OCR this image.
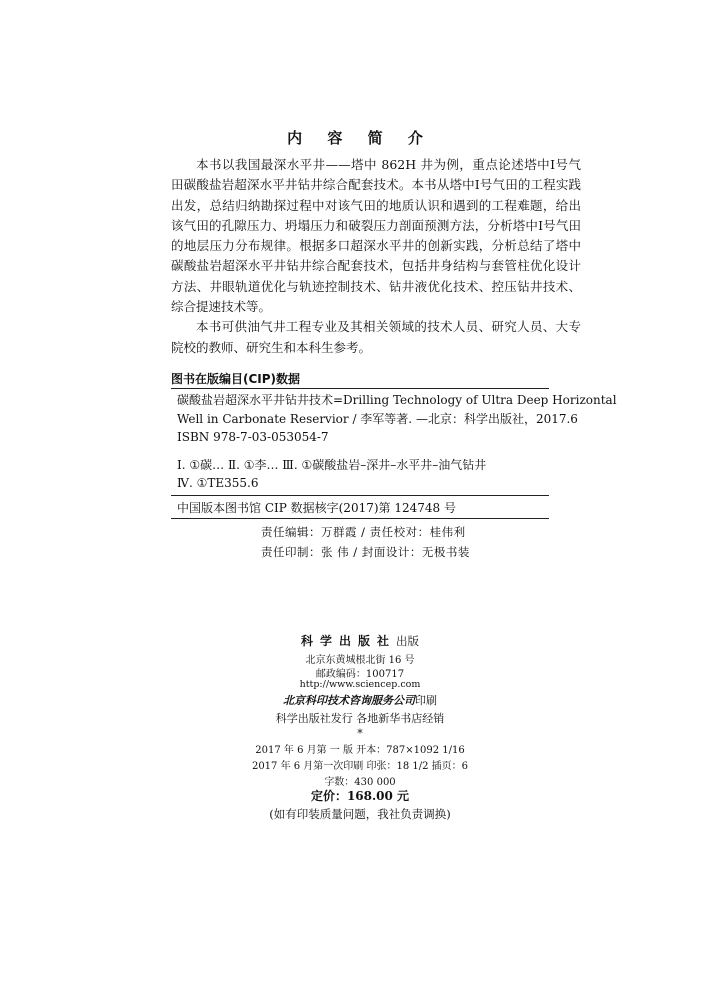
内 容 简 介

本书以我国最深水平井——塔中 862H 井为例，重点论述塔中Ⅰ号气田碳酸盐岩超深水平井钻井综合配套技术。本书从塔中Ⅰ号气田的工程实践出发，总结归纳勘探过程中对该气田的地质认识和遇到的工程难题，给出该气田的孔隙压力、坍塌压力和破裂压力剖面预测方法，分析塔中Ⅰ号气田的地层压力分布规律。根据多口超深水平井的创新实践，分析总结了塔中碳酸盐岩超深水平井钻井综合配套技术，包括井身结构与套管柱优化设计方法、井眼轨道优化与轨迹控制技术、钻井液优化技术、控压钻井技术、综合提速技术等。

本书可供油气井工程专业及其相关领域的技术人员、研究人员、大专院校的教师、研究生和本科生参考。

图书在版编目(CIP)数据
碳酸盐岩超深水平井钻井技术=Drilling Technology of Ultra Deep Horizontal
Well in Carbonate Reservior / 李军等著. —北京：科学出版社，2017.6
ISBN 978-7-03-053054-7
Ⅰ. ①碳… Ⅱ. ①李… Ⅲ. ①碳酸盐岩–深井–水平井–油气钻井
Ⅳ. ①TE355.6
中国版本图书馆 CIP 数据核字(2017)第 124748 号
责任编辑：万群霞 / 责任校对：桂伟利
责任印制：张 伟 / 封面设计：无极书装
科学出版社出版
北京东黄城根北街 16 号
邮政编码：100717
http://www.sciencep.com
北京科印技术咨询服务公司印刷
科学出版社发行 各地新华书店经销
*
2017 年 6 月第 一 版 开本：787×1092 1/16
2017 年 6 月第一次印刷 印张：18 1/2 插页：6
字数：430 000
定价：168.00 元
(如有印装质量问题，我社负责调换)
